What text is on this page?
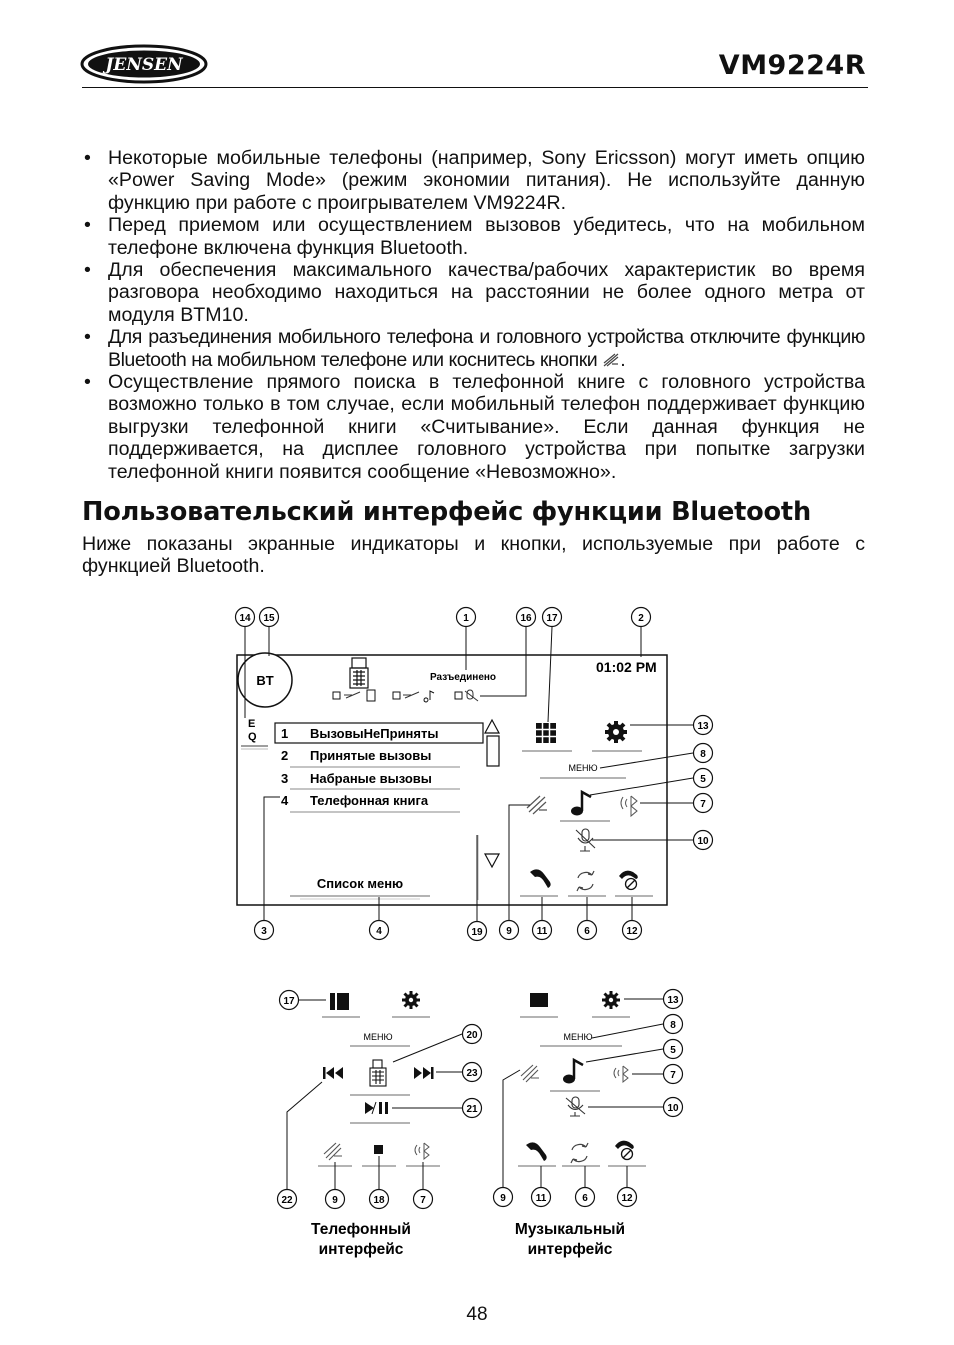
JENSEN	VM9224R
• Некоторые мобильные телефоны (например, Sony Ericsson) могут иметь опцию «Power Saving Mode» (режим экономии питания). Не используйте данную функцию при работе с проигрывателем VM9224R.
• Перед приемом или осуществлением вызовов убедитесь, что на мобильном телефоне включена функция Bluetooth.
• Для обеспечения максимального качества/рабочих характеристик во время разговора необходимо находиться на расстоянии не более одного метра от модуля BTM10.
• Для разъединения мобильного телефона и головного устройства отключите функцию Bluetooth на мобильном телефоне или коснитесь кнопки .
• Осуществление прямого поиска в телефонной книге с головного устройства возможно только в том случае, если мобильный телефон поддерживает функцию выгрузки телефонной книги «Считывание». Если данная функция не поддерживается, на дисплее головного устройства при попытке загрузки телефонной книги появится сообщение «Невозможно».
Пользовательский интерфейс функции Bluetooth
Ниже показаны экранные индикаторы и кнопки, используемые при работе с функцией Bluetooth.
BT
E
Q
Разъединено
01:02 PM
1 ВызовыНеПриняты
2 Принятые вызовы
3 Набраные вызовы
4 Телефонная книга
Список меню
МЕНЮ
14 15	1	16 17	2
13
8
5
7
10
3	4	19 9 11	6	12
МЕНЮ
17
20
23
21
22	9	18	7
Телефонный
интерфейс
МЕНЮ
13
8
5
7
10
9	11	6	12
Музыкальный
интерфейс
48
